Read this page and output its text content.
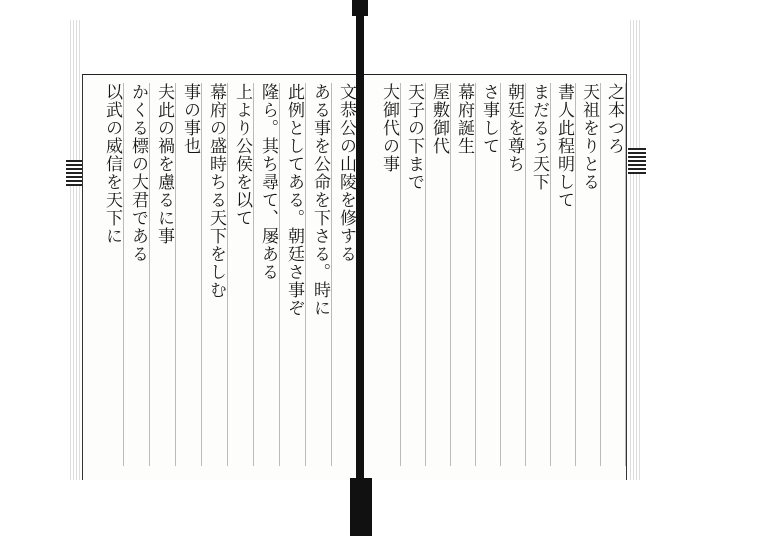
文恭公の山陵を修する
ある事を公命を下さる。時に
此例としてある。朝廷さ事ぞ
隆ら。其ち尋て、屡ある
上より公侯を以て
幕府の盛時ちる天下をしむ
事の事也
夫此の禍を慮るに事
かくる標の大君である
以武の威信を天下に	之本つろ
天祖をりとる
書人此程明して
まだるう天下
朝廷を尊ち
さ事して
幕府誕生
屋敷御代
天子の下まで
大御代の事
